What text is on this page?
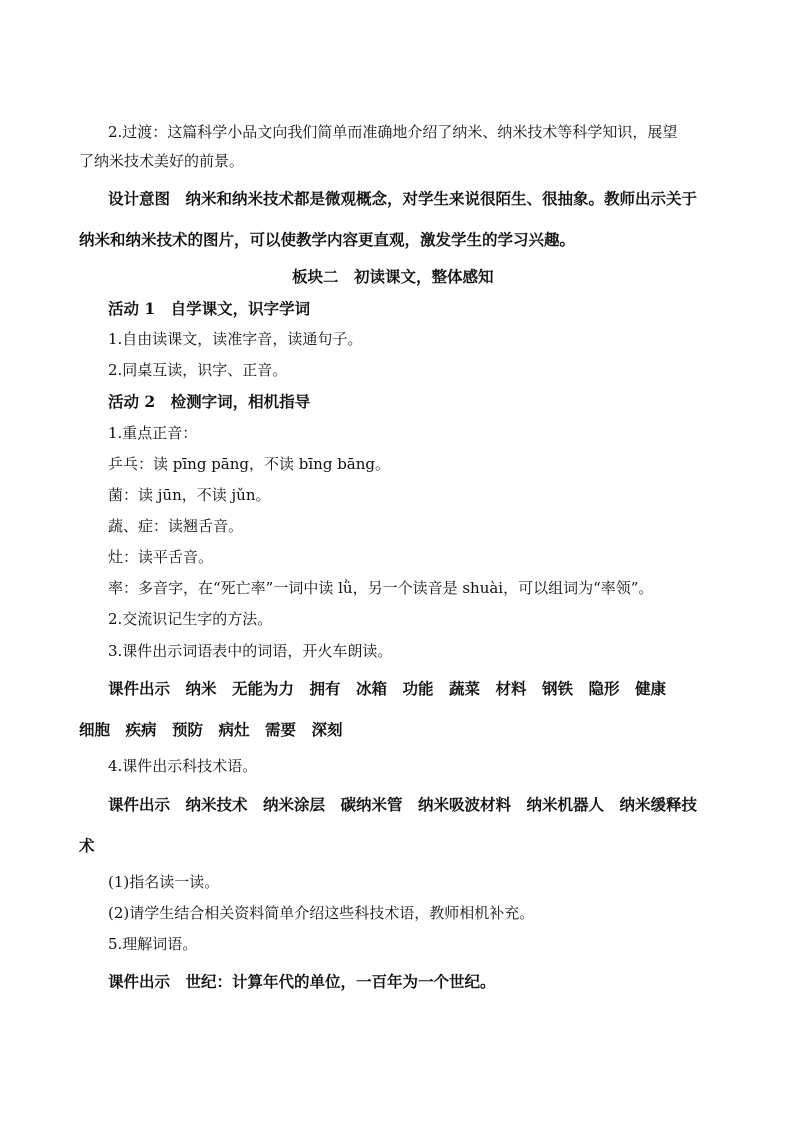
2.过渡：这篇科学小品文向我们简单而准确地介绍了纳米、纳米技术等科学知识，展望
了纳米技术美好的前景。
设计意图　纳米和纳米技术都是微观概念，对学生来说很陌生、很抽象。教师出示关于
纳米和纳米技术的图片，可以使教学内容更直观，激发学生的学习兴趣。
板块二　初读课文，整体感知
活动 1　自学课文，识字学词
1.自由读课文，读准字音，读通句子。
2.同桌互读，识字、正音。
活动 2　检测字词，相机指导
1.重点正音：
乒乓：读 pīng pāng，不读 bīng bāng。
菌：读 jūn，不读 jǔn。
蔬、症：读翘舌音。
灶：读平舌音。
率：多音字，在“死亡率”一词中读 lǜ，另一个读音是 shuài，可以组词为“率领”。
2.交流识记生字的方法。
3.课件出示词语表中的词语，开火车朗读。
课件出示　纳米　无能为力　拥有　冰箱　功能　蔬菜　材料　钢铁　隐形　健康
细胞　疾病　预防　病灶　需要　深刻
4.课件出示科技术语。
课件出示　纳米技术　纳米涂层　碳纳米管　纳米吸波材料　纳米机器人　纳米缓释技
术
(1)指名读一读。
(2)请学生结合相关资料简单介绍这些科技术语，教师相机补充。
5.理解词语。
课件出示　世纪：计算年代的单位，一百年为一个世纪。
